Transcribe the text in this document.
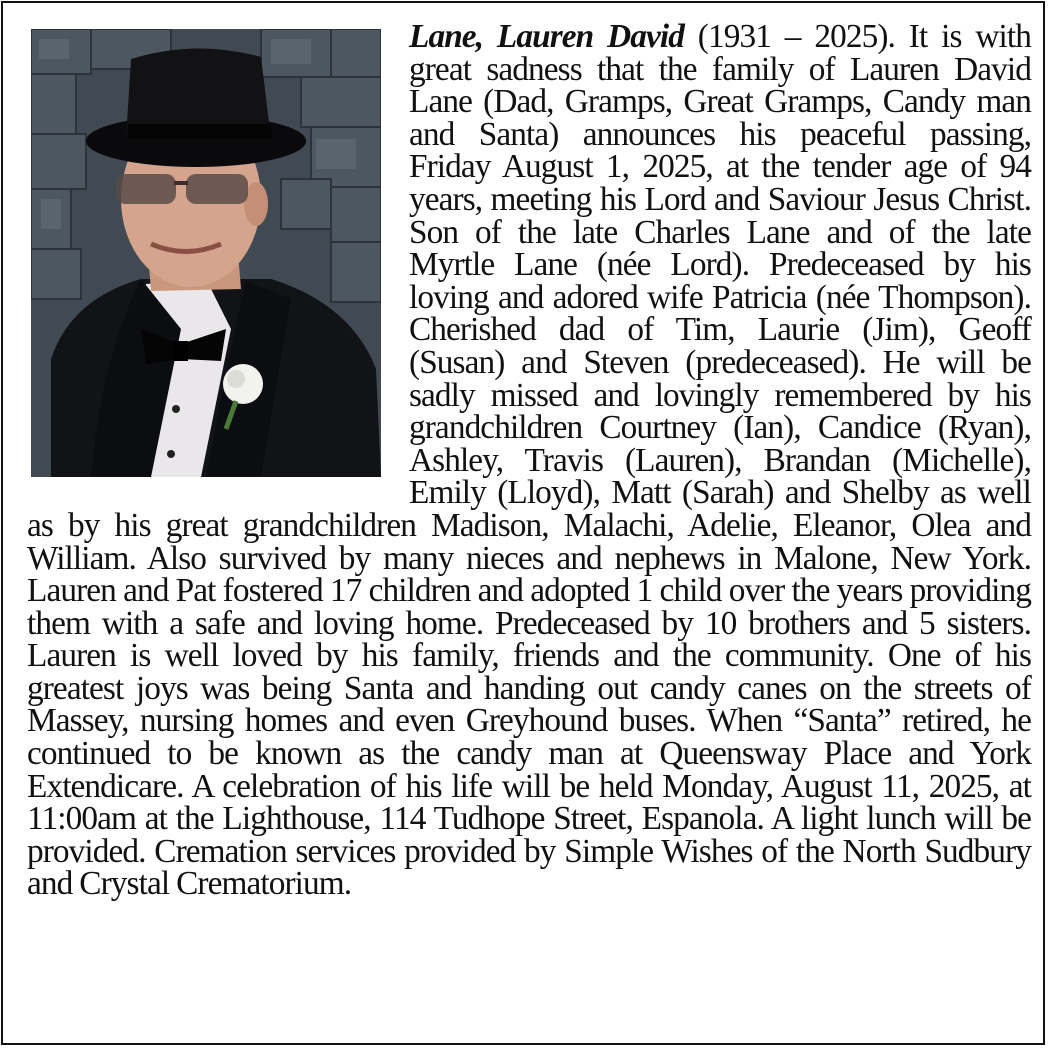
Lane, Lauren David (1931 – 2025). It is with great sadness that the family of Lauren David Lane (Dad, Gramps, Great Gramps, Candy man and Santa) announces his peaceful passing, Friday August 1, 2025, at the tender age of 94 years, meeting his Lord and Saviour Jesus Christ. Son of the late Charles Lane and of the late Myrtle Lane (née Lord). Predeceased by his loving and adored wife Patricia (née Thompson). Cherished dad of Tim, Laurie (Jim), Geoff (Susan) and Steven (predeceased). He will be sadly missed and lovingly remembered by his grandchildren Courtney (Ian), Candice (Ryan), Ashley, Travis (Lauren), Brandan (Michelle), Emily (Lloyd), Matt (Sarah) and Shelby as well as by his great grandchildren Madison, Malachi, Adelie, Eleanor, Olea and William. Also survived by many nieces and nephews in Malone, New York. Lauren and Pat fostered 17 children and adopted 1 child over the years providing them with a safe and loving home. Predeceased by 10 brothers and 5 sisters. Lauren is well loved by his family, friends and the community. One of his greatest joys was being Santa and handing out candy canes on the streets of Massey, nursing homes and even Greyhound buses. When “Santa” retired, he continued to be known as the candy man at Queensway Place and York Extendicare. A celebration of his life will be held Monday, August 11, 2025, at 11:00am at the Lighthouse, 114 Tudhope Street, Espanola. A light lunch will be provided. Cremation services provided by Simple Wishes of the North Sudbury and Crystal Crematorium.
